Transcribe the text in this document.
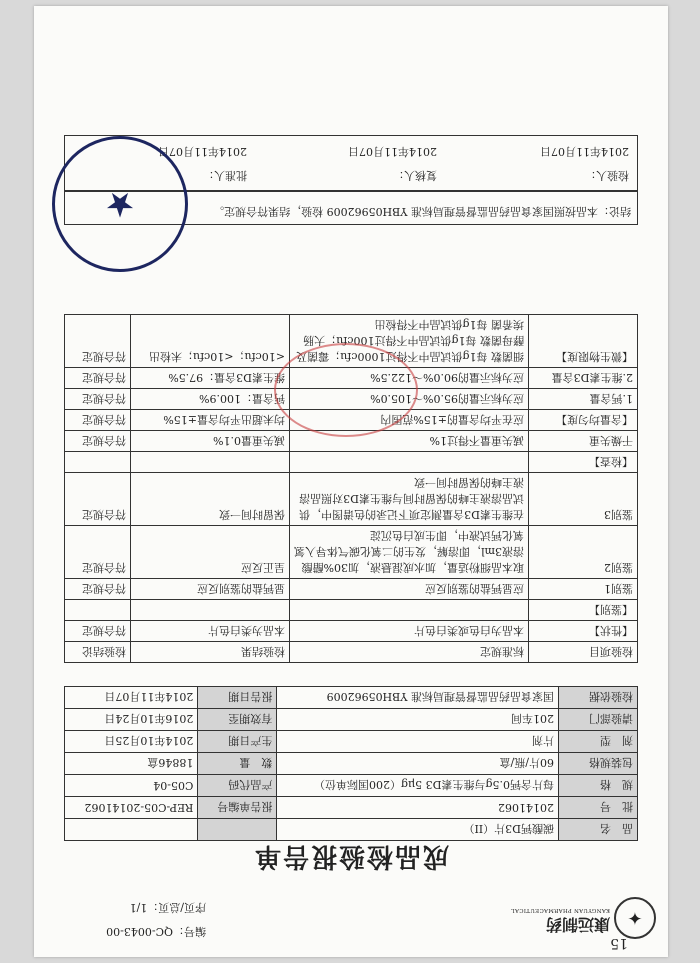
15
✦
康远制药
KANGYUAN PHARMACEUTICAL
编号：QC-0043-00
序页/总页：1/1
成品检验报告单
品　名	碳酸钙D3片（II）		
批　号	20141062	报告单编号	REP-C05-20141062
规　格	每片含钙0.5g与维生素D3 5μg（200国际单位）	产品代码	C05-04
包装规格	60片/瓶/盒	数　量	18846盒
剂　型	片剂	生产日期	2014年10月25日
请验部门	201车间	有效期至	2016年10月24日
检验依据	国家食品药品监督管理局标准 YBH05962009	报告日期	2014年11月07日
检验项目	标准规定	检验结果	检验结论
【性状】	本品为白色或类白色片	本品为类白色片	符合规定
【鉴别】			
鉴别1	应显钙盐的鉴别反应	显钙盐的鉴别反应	符合规定
鉴别2	取本品细粉适量，加水成混悬液，加30%醋酸溶液3ml，即溶解，发生的二氧化碳气体导入氢氧化钙试液中，即生成白色沉淀	呈正反应	符合规定
鉴别3	在维生素D3含量测定项下记录的色谱图中，供试品溶液主峰的保留时间与维生素D3对照品溶液主峰的保留时间一致	保留时间一致	符合规定
【检查】			
干燥失重	减失重量不得过1%	减失重量0.1%	符合规定
【含量均匀度】	应在平均含量的±15%范围内	均未超出平均含量±15%	符合规定
1.钙含量	应为标示量的95.0%～105.0%	钙含量：100.9%	符合规定
2.维生素D3含量	应为标示量的90.0%～122.5%	维生素D3含量：97.5%	符合规定
【微生物限度】	细菌数 每1g供试品中不得过1000cfu；霉菌及酵母菌数 每1g供试品中不得过100cfu；大肠埃希菌 每1g供试品中不得检出	<10cfu；<10cfu；未检出	符合规定
结论：本品按照国家食品药品监督管理局标准 YBH05962009 检验，结果符合规定。
检验人：
2014年11月07日
复核人：
2014年11月07日
批准人：
2014年11月07日
★
